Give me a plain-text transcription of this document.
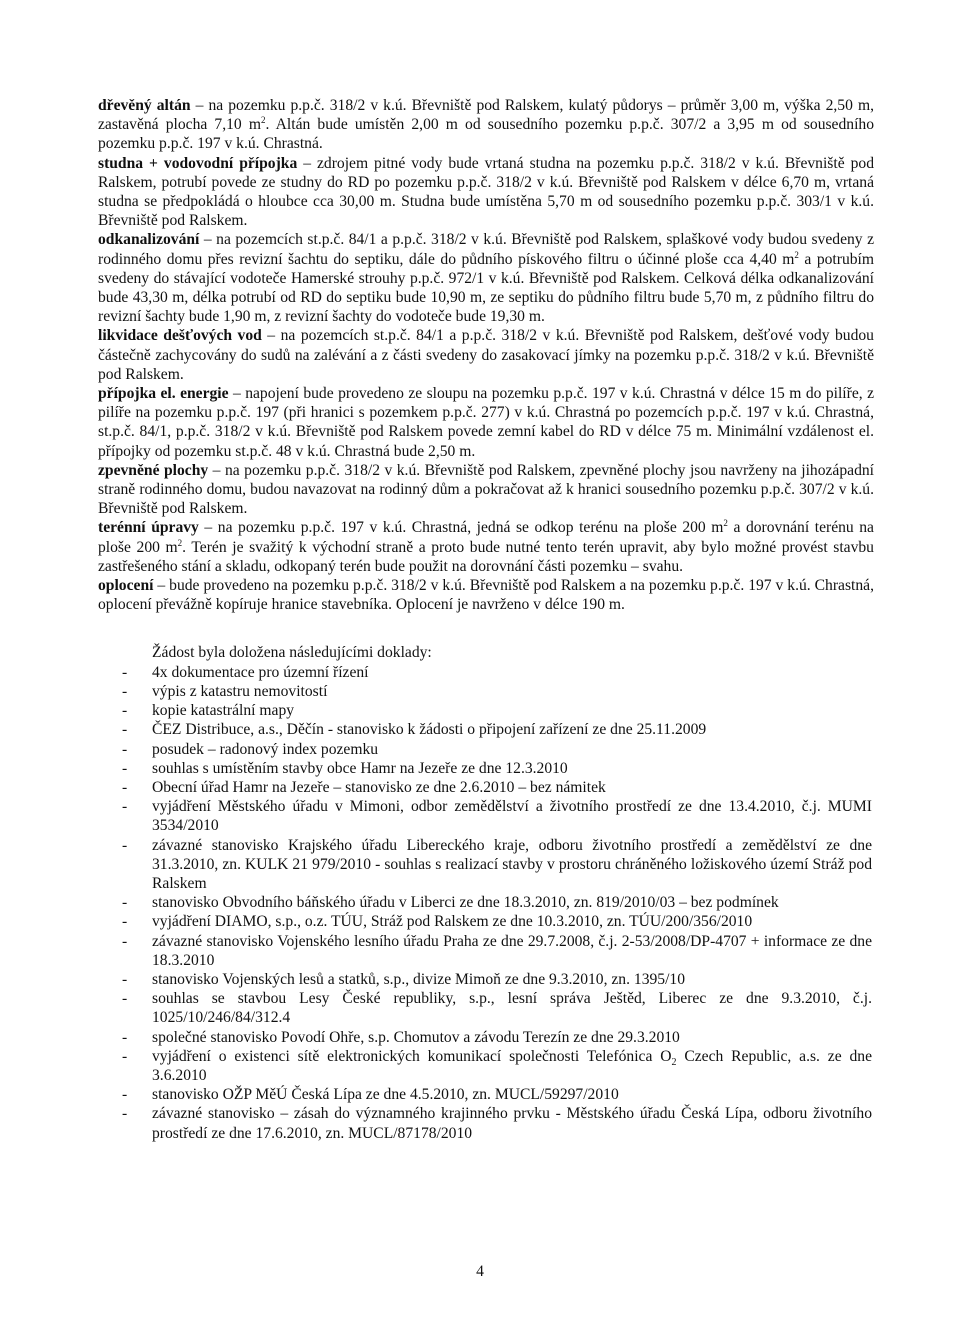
dřevěný altán – na pozemku p.p.č. 318/2 v k.ú. Břevniště pod Ralskem, kulatý půdorys – průměr 3,00 m, výška 2,50 m, zastavěná plocha 7,10 $m^2$. Altán bude umístěn 2,00 m od sousedního pozemku p.p.č. 307/2 a 3,95 m od sousedního pozemku p.p.č. 197 v k.ú. Chrastná.

studna + vodovodní přípojka – zdrojem pitné vody bude vrtaná studna na pozemku p.p.č. 318/2 v k.ú. Břevniště pod Ralskem, potrubí povede ze studny do RD po pozemku p.p.č. 318/2 v k.ú. Břevniště pod Ralskem v délce 6,70 m, vrtaná studna se předpokládá o hloubce cca 30,00 m. Studna bude umístěna 5,70 m od sousedního pozemku p.p.č. 303/1 v k.ú. Břevniště pod Ralskem.

odkanalizování – na pozemcích st.p.č. 84/1 a p.p.č. 318/2 v k.ú. Břevniště pod Ralskem, splaškové vody budou svedeny z rodinného domu přes revizní šachtu do septiku, dále do půdního pískového filtru o účinné ploše cca 4,40 $m^2$ a potrubím svedeny do stávající vodoteče Hamerské strouhy p.p.č. 972/1 v k.ú. Břevniště pod Ralskem. Celková délka odkanalizování bude 43,30 m, délka potrubí od RD do septiku bude 10,90 m, ze septiku do půdního filtru bude 5,70 m, z půdního filtru do revizní šachty bude 1,90 m, z revizní šachty do vodoteče bude 19,30 m.

likvidace dešťových vod – na pozemcích st.p.č. 84/1 a p.p.č. 318/2 v k.ú. Břevniště pod Ralskem, dešťové vody budou částečně zachycovány do sudů na zalévání a z části svedeny do zasakovací jímky na pozemku p.p.č. 318/2 v k.ú. Břevniště pod Ralskem.

přípojka el. energie – napojení bude provedeno ze sloupu na pozemku p.p.č. 197 v k.ú. Chrastná v délce 15 m do pilíře, z pilíře na pozemku p.p.č. 197 (při hranici s pozemkem p.p.č. 277) v k.ú. Chrastná po pozemcích p.p.č. 197 v k.ú. Chrastná, st.p.č. 84/1, p.p.č. 318/2 v k.ú. Břevniště pod Ralskem povede zemní kabel do RD v délce 75 m. Minimální vzdálenost el. přípojky od pozemku st.p.č. 48 v k.ú. Chrastná bude 2,50 m.

zpevněné plochy – na pozemku p.p.č. 318/2 v k.ú. Břevniště pod Ralskem, zpevněné plochy jsou navrženy na jihozápadní straně rodinného domu, budou navazovat na rodinný dům a pokračovat až k hranici sousedního pozemku p.p.č. 307/2 v k.ú. Břevniště pod Ralskem.

terénní úpravy – na pozemku p.p.č. 197 v k.ú. Chrastná, jedná se odkop terénu na ploše 200 $m^2$ a dorovnání terénu na ploše 200 $m^2$. Terén je svažitý k východní straně a proto bude nutné tento terén upravit, aby bylo možné provést stavbu zastřešeného stání a skladu, odkopaný terén bude použit na dorovnání části pozemku – svahu.

oplocení – bude provedeno na pozemku p.p.č. 318/2 v k.ú. Břevniště pod Ralskem a na pozemku p.p.č. 197 v k.ú. Chrastná, oplocení převážně kopíruje hranice stavebníka. Oplocení je navrženo v délce 190 m.

Žádost byla doložena následujícími doklady:

- 4x dokumentace pro územní řízení
- výpis z katastru nemovitostí
- kopie katastrální mapy
- ČEZ Distribuce, a.s., Děčín - stanovisko k žádosti o připojení zařízení ze dne 25.11.2009
- posudek – radonový index pozemku
- souhlas s umístěním stavby obce Hamr na Jezeře ze dne 12.3.2010
- Obecní úřad Hamr na Jezeře – stanovisko ze dne 2.6.2010 – bez námitek
- vyjádření Městského úřadu v Mimoni, odbor zemědělství a životního prostředí ze dne 13.4.2010, č.j. MUMI 3534/2010
- závazné stanovisko Krajského úřadu Libereckého kraje, odboru životního prostředí a zemědělství ze dne 31.3.2010, zn. KULK 21 979/2010 - souhlas s realizací stavby v prostoru chráněného ložiskového území Stráž pod Ralskem
- stanovisko Obvodního báňského úřadu v Liberci ze dne 18.3.2010, zn. 819/2010/03 – bez podmínek
- vyjádření DIAMO, s.p., o.z. TÚU, Stráž pod Ralskem ze dne 10.3.2010, zn. TÚU/200/356/2010
- závazné stanovisko Vojenského lesního úřadu Praha ze dne 29.7.2008, č.j. 2-53/2008/DP-4707 + informace ze dne 18.3.2010
- stanovisko Vojenských lesů a statků, s.p., divize Mimoň ze dne 9.3.2010, zn. 1395/10
- souhlas se stavbou Lesy České republiky, s.p., lesní správa Ještěd, Liberec ze dne 9.3.2010, č.j. 1025/10/246/84/312.4
- společné stanovisko Povodí Ohře, s.p. Chomutov a závodu Terezín ze dne 29.3.2010
- vyjádření o existenci sítě elektronických komunikací společnosti Telefónica $O_2$ Czech Republic, a.s. ze dne 3.6.2010
- stanovisko OŽP MěÚ Česká Lípa ze dne 4.5.2010, zn. MUCL/59297/2010
- závazné stanovisko – zásah do významného krajinného prvku - Městského úřadu Česká Lípa, odboru životního prostředí ze dne 17.6.2010, zn. MUCL/87178/2010
4
